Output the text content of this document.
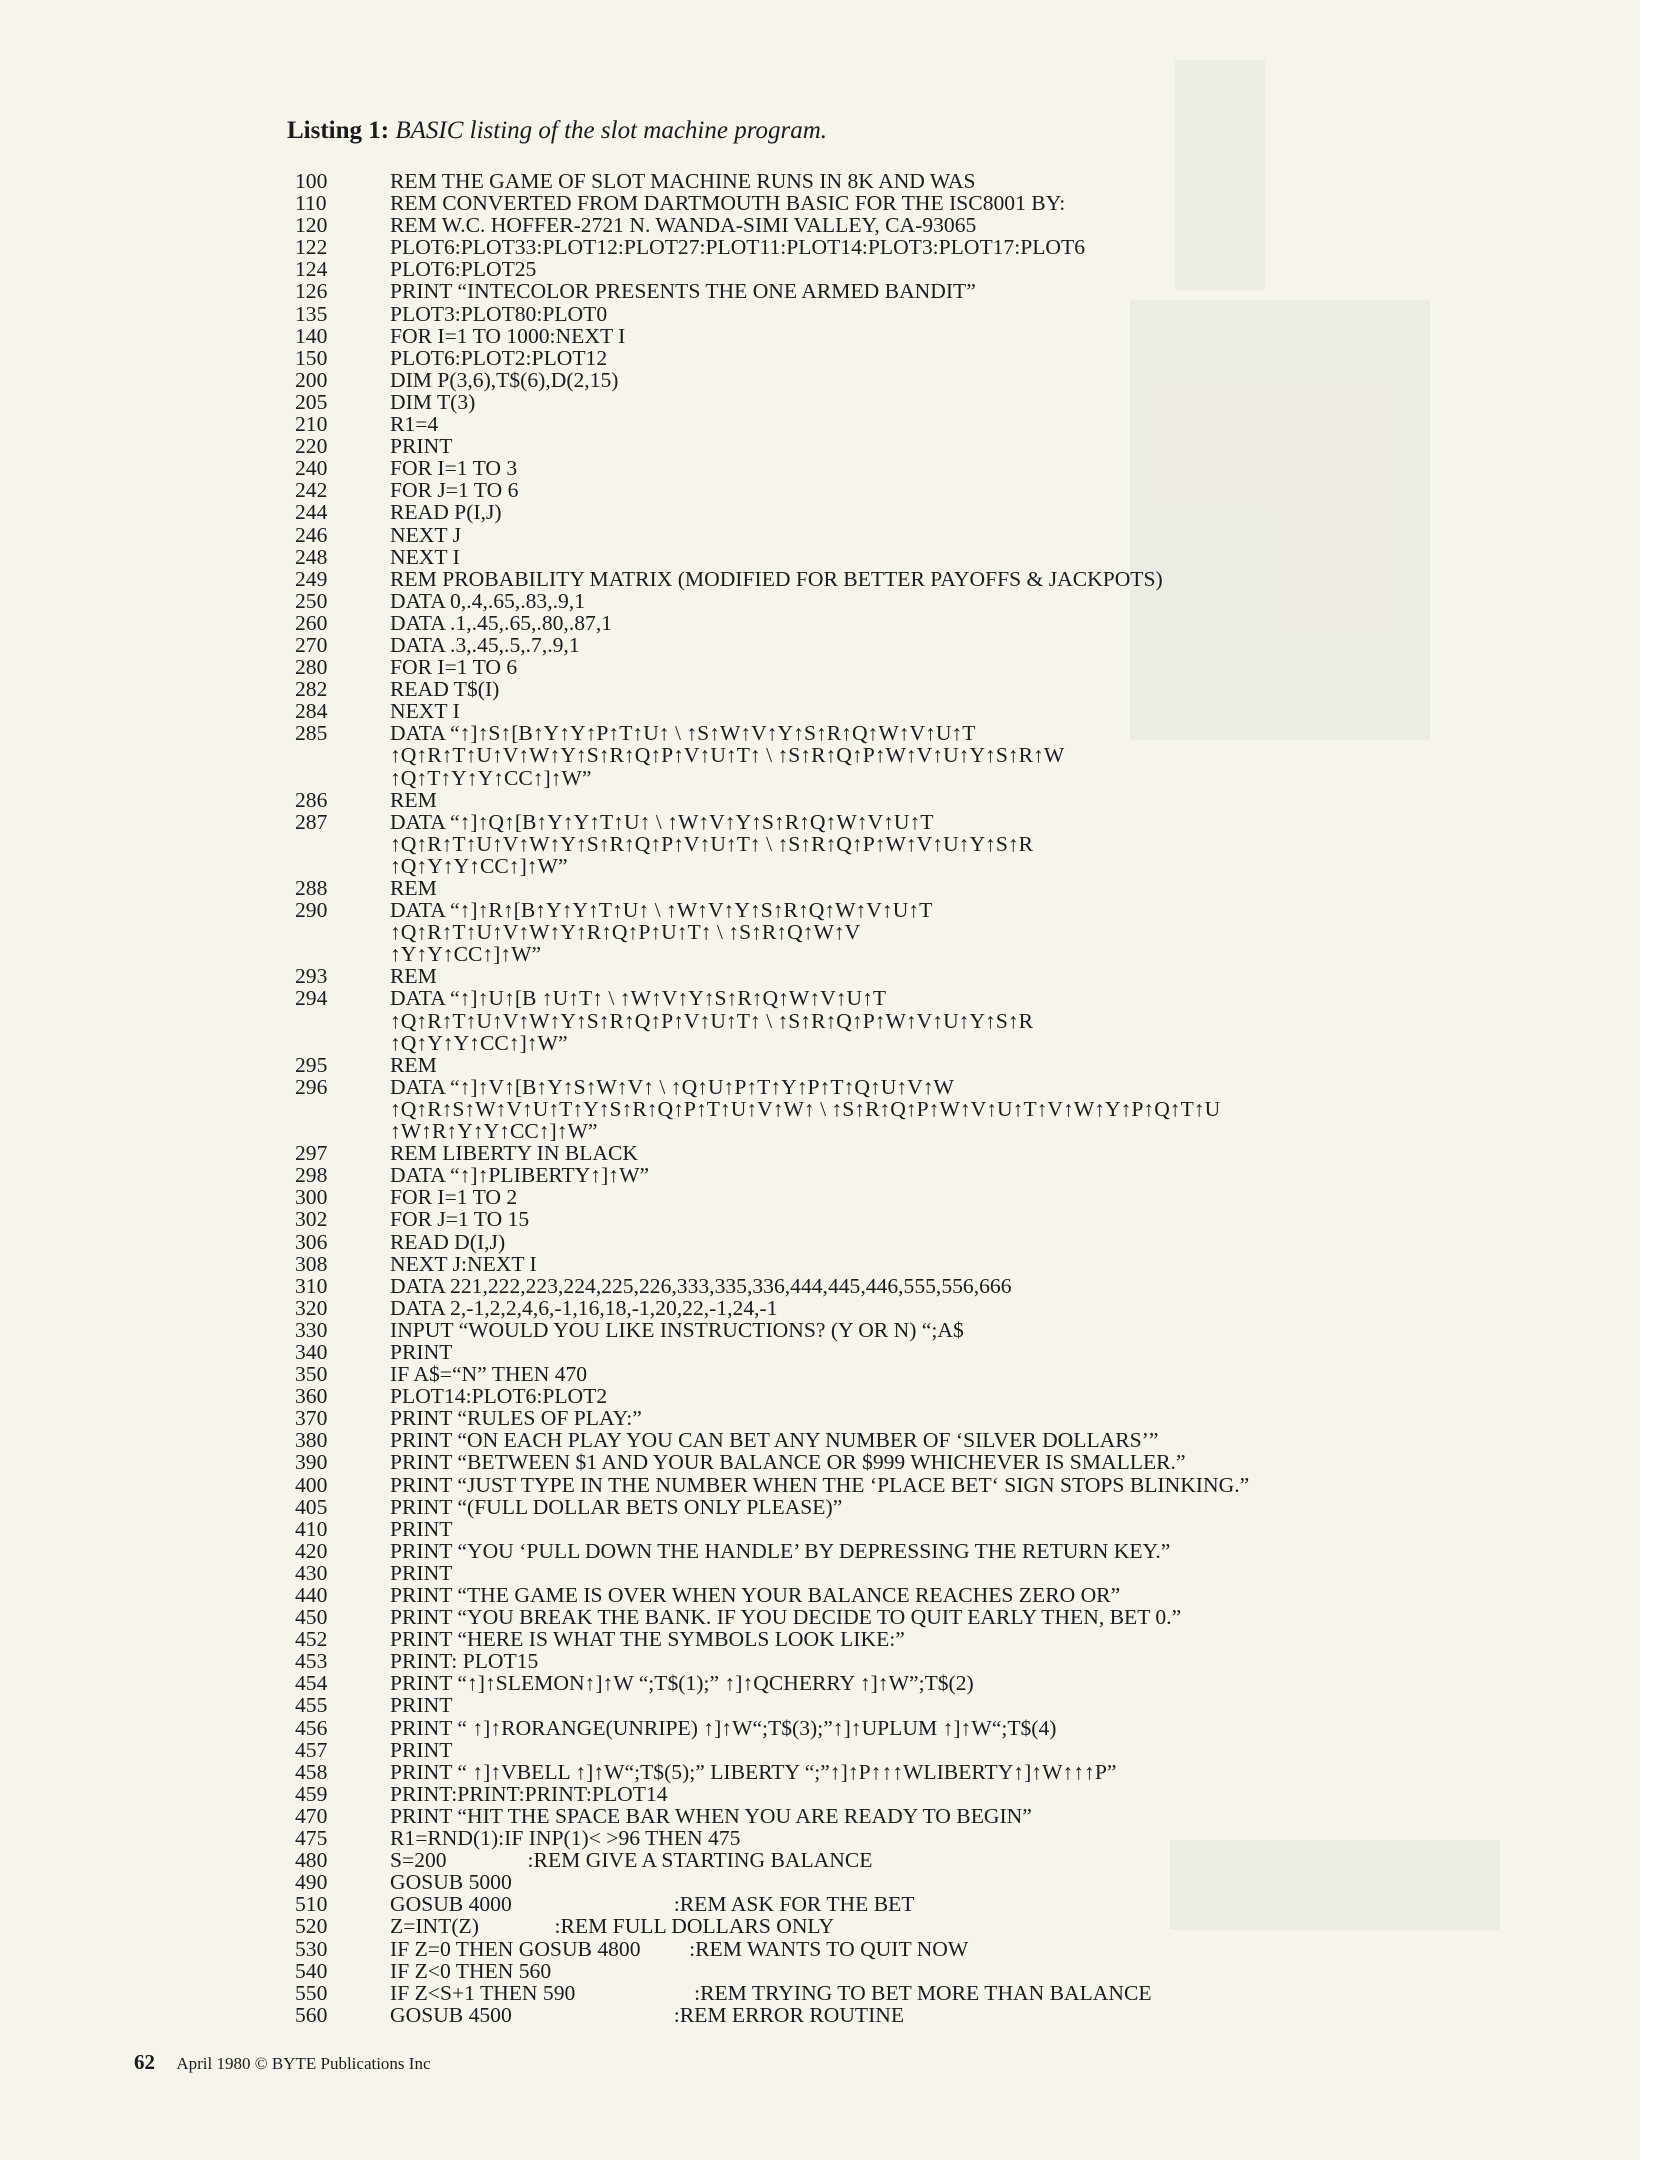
Listing 1: BASIC listing of the slot machine program.
100	REM THE GAME OF SLOT MACHINE RUNS IN 8K AND WAS
110	REM CONVERTED FROM DARTMOUTH BASIC FOR THE ISC8001 BY:
120	REM W.C. HOFFER-2721 N. WANDA-SIMI VALLEY, CA-93065
122	PLOT6:PLOT33:PLOT12:PLOT27:PLOT11:PLOT14:PLOT3:PLOT17:PLOT6
124	PLOT6:PLOT25
126	PRINT “INTECOLOR PRESENTS THE ONE ARMED BANDIT”
135	PLOT3:PLOT80:PLOT0
140	FOR I=1 TO 1000:NEXT I
150	PLOT6:PLOT2:PLOT12
200	DIM P(3,6),T$(6),D(2,15)
205	DIM T(3)
210	R1=4
220	PRINT
240	FOR I=1 TO 3
242	FOR J=1 TO 6
244	READ P(I,J)
246	NEXT J
248	NEXT I
249	REM PROBABILITY MATRIX (MODIFIED FOR BETTER PAYOFFS & JACKPOTS)
250	DATA 0,.4,.65,.83,.9,1
260	DATA .1,.45,.65,.80,.87,1
270	DATA .3,.45,.5,.7,.9,1
280	FOR I=1 TO 6
282	READ T$(I)
284	NEXT I
285	DATA “↑]↑S↑[B↑Y↑Y↑P↑T↑U↑ \ ↑S↑W↑V↑Y↑S↑R↑Q↑W↑V↑U↑T
↑Q↑R↑T↑U↑V↑W↑Y↑S↑R↑Q↑P↑V↑U↑T↑ \ ↑S↑R↑Q↑P↑W↑V↑U↑Y↑S↑R↑W
↑Q↑T↑Y↑Y↑CC↑]↑W”
286	REM
287	DATA “↑]↑Q↑[B↑Y↑Y↑T↑U↑ \ ↑W↑V↑Y↑S↑R↑Q↑W↑V↑U↑T
↑Q↑R↑T↑U↑V↑W↑Y↑S↑R↑Q↑P↑V↑U↑T↑ \ ↑S↑R↑Q↑P↑W↑V↑U↑Y↑S↑R
↑Q↑Y↑Y↑CC↑]↑W”
288	REM
290	DATA “↑]↑R↑[B↑Y↑Y↑T↑U↑ \ ↑W↑V↑Y↑S↑R↑Q↑W↑V↑U↑T
↑Q↑R↑T↑U↑V↑W↑Y↑R↑Q↑P↑U↑T↑ \ ↑S↑R↑Q↑W↑V
↑Y↑Y↑CC↑]↑W”
293	REM
294	DATA “↑]↑U↑[B ↑U↑T↑ \ ↑W↑V↑Y↑S↑R↑Q↑W↑V↑U↑T
↑Q↑R↑T↑U↑V↑W↑Y↑S↑R↑Q↑P↑V↑U↑T↑ \ ↑S↑R↑Q↑P↑W↑V↑U↑Y↑S↑R
↑Q↑Y↑Y↑CC↑]↑W”
295	REM
296	DATA “↑]↑V↑[B↑Y↑S↑W↑V↑ \ ↑Q↑U↑P↑T↑Y↑P↑T↑Q↑U↑V↑W
↑Q↑R↑S↑W↑V↑U↑T↑Y↑S↑R↑Q↑P↑T↑U↑V↑W↑ \ ↑S↑R↑Q↑P↑W↑V↑U↑T↑V↑W↑Y↑P↑Q↑T↑U
↑W↑R↑Y↑Y↑CC↑]↑W”
297	REM LIBERTY IN BLACK
298	DATA “↑]↑PLIBERTY↑]↑W”
300	FOR I=1 TO 2
302	FOR J=1 TO 15
306	READ D(I,J)
308	NEXT J:NEXT I
310	DATA 221,222,223,224,225,226,333,335,336,444,445,446,555,556,666
320	DATA 2,-1,2,2,4,6,-1,16,18,-1,20,22,-1,24,-1
330	INPUT “WOULD YOU LIKE INSTRUCTIONS? (Y OR N) “;A$
340	PRINT
350	IF A$=“N” THEN 470
360	PLOT14:PLOT6:PLOT2
370	PRINT “RULES OF PLAY:”
380	PRINT “ON EACH PLAY YOU CAN BET ANY NUMBER OF ‘SILVER DOLLARS’”
390	PRINT “BETWEEN $1 AND YOUR BALANCE OR $999 WHICHEVER IS SMALLER.”
400	PRINT “JUST TYPE IN THE NUMBER WHEN THE ‘PLACE BET‘ SIGN STOPS BLINKING.”
405	PRINT “(FULL DOLLAR BETS ONLY PLEASE)”
410	PRINT
420	PRINT “YOU ‘PULL DOWN THE HANDLE’ BY DEPRESSING THE RETURN KEY.”
430	PRINT
440	PRINT “THE GAME IS OVER WHEN YOUR BALANCE REACHES ZERO OR”
450	PRINT “YOU BREAK THE BANK. IF YOU DECIDE TO QUIT EARLY THEN, BET 0.”
452	PRINT “HERE IS WHAT THE SYMBOLS LOOK LIKE:”
453	PRINT: PLOT15
454	PRINT “↑]↑SLEMON↑]↑W “;T$(1);” ↑]↑QCHERRY ↑]↑W”;T$(2)
455	PRINT
456	PRINT “ ↑]↑RORANGE(UNRIPE) ↑]↑W“;T$(3);”↑]↑UPLUM ↑]↑W“;T$(4)
457	PRINT
458	PRINT “ ↑]↑VBELL ↑]↑W“;T$(5);” LIBERTY “;”↑]↑P↑↑↑WLIBERTY↑]↑W↑↑↑P”
459	PRINT:PRINT:PRINT:PLOT14
470	PRINT “HIT THE SPACE BAR WHEN YOU ARE READY TO BEGIN”
475	R1=RND(1):IF INP(1)< >96 THEN 475
480	S=200               :REM GIVE A STARTING BALANCE
490	GOSUB 5000
510	GOSUB 4000                              :REM ASK FOR THE BET
520	Z=INT(Z)              :REM FULL DOLLARS ONLY
530	IF Z=0 THEN GOSUB 4800         :REM WANTS TO QUIT NOW
540	IF Z<0 THEN 560
550	IF Z<S+1 THEN 590                      :REM TRYING TO BET MORE THAN BALANCE
560	GOSUB 4500                              :REM ERROR ROUTINE
62 April 1980 © BYTE Publications Inc
